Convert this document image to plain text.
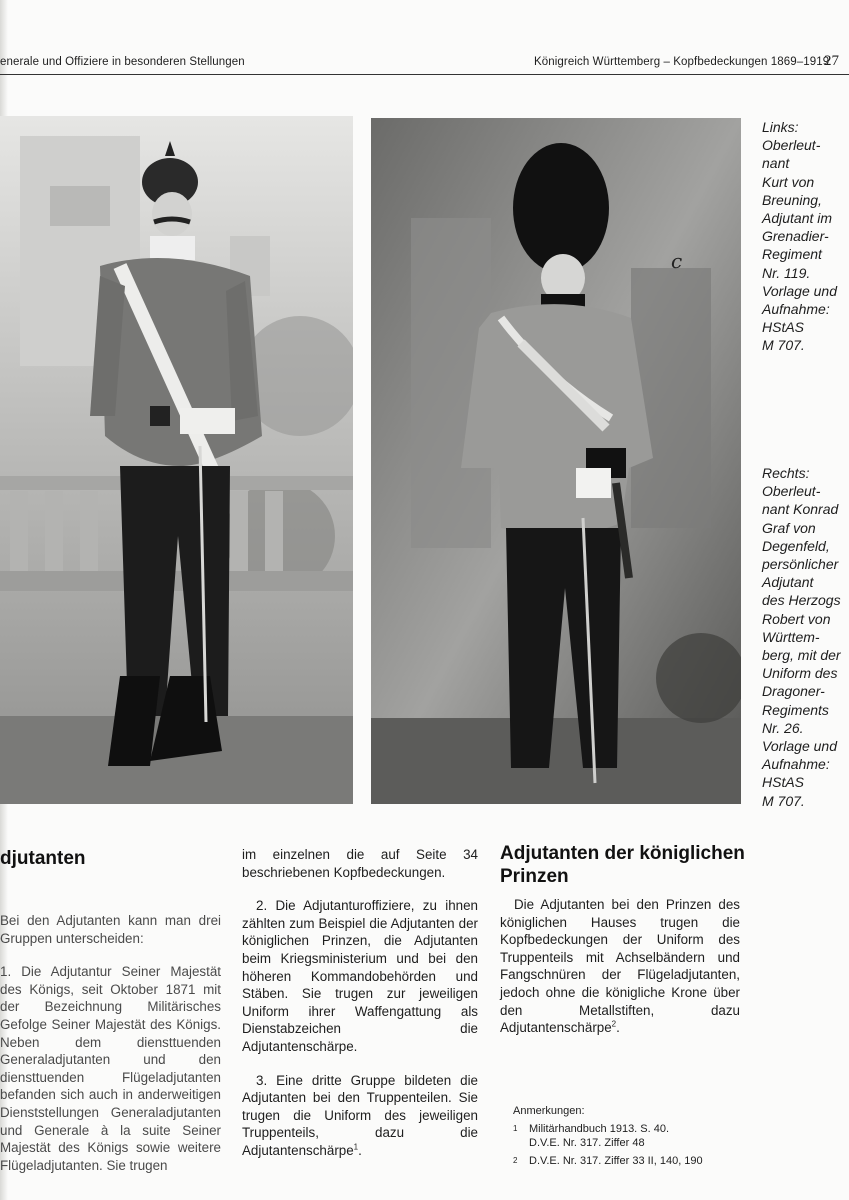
enerale und Offiziere in besonderen Stellungen	Königreich Württemberg – Kopfbedeckungen 1869–1919
27
c
Links:
Oberleut-
nant
Kurt von
Breuning,
Adjutant im
Grenadier-
Regiment
Nr. 119.
Vorlage und
Aufnahme:
HStAS
M 707.
Rechts:
Oberleut-
nant Konrad
Graf von
Degenfeld,
persönlicher
Adjutant
des Herzogs
Robert von
Württem-
berg, mit der
Uniform des
Dragoner-
Regiments
Nr. 26.
Vorlage und
Aufnahme:
HStAS
M 707.
djutanten

Bei den Adjutanten kann man drei Gruppen unterscheiden:

1. Die Adjutantur Seiner Majestät des Königs, seit Oktober 1871 mit der Bezeichnung Militärisches Gefolge Seiner Majestät des Königs. Neben dem diensttuenden Generaladjutanten und den diensttuenden Flügeladjutanten befanden sich auch in anderweitigen Dienststellungen Generaladjutanten und Generale à la suite Seiner Majestät des Königs sowie weitere Flügeladjutanten. Sie trugen

im einzelnen die auf Seite 34 beschriebenen Kopfbedeckungen.

2. Die Adjutanturoffiziere, zu ihnen zählten zum Beispiel die Adjutanten der königlichen Prinzen, die Adjutanten beim Kriegsministerium und bei den höheren Kommandobehörden und Stäben. Sie trugen zur jeweiligen Uniform ihrer Waffengattung als Dienstabzeichen die Adjutantenschärpe.

3. Eine dritte Gruppe bildeten die Adjutanten bei den Truppenteilen. Sie trugen die Uniform des jeweiligen Truppenteils, dazu die Adjutantenschärpe$^1$.

Adjutanten der königlichen Prinzen

Die Adjutanten bei den Prinzen des königlichen Hauses trugen die Kopfbedeckungen der Uniform des Truppenteils mit Achselbändern und Fangschnüren der Flügeladjutanten, jedoch ohne die königliche Krone über den Metallstiften, dazu Adjutantenschärpe$^2$.

Anmerkungen:
1	Militärhandbuch 1913. S. 40.
D.V.E. Nr. 317. Ziffer 48
2	D.V.E. Nr. 317. Ziffer 33 II, 140, 190
